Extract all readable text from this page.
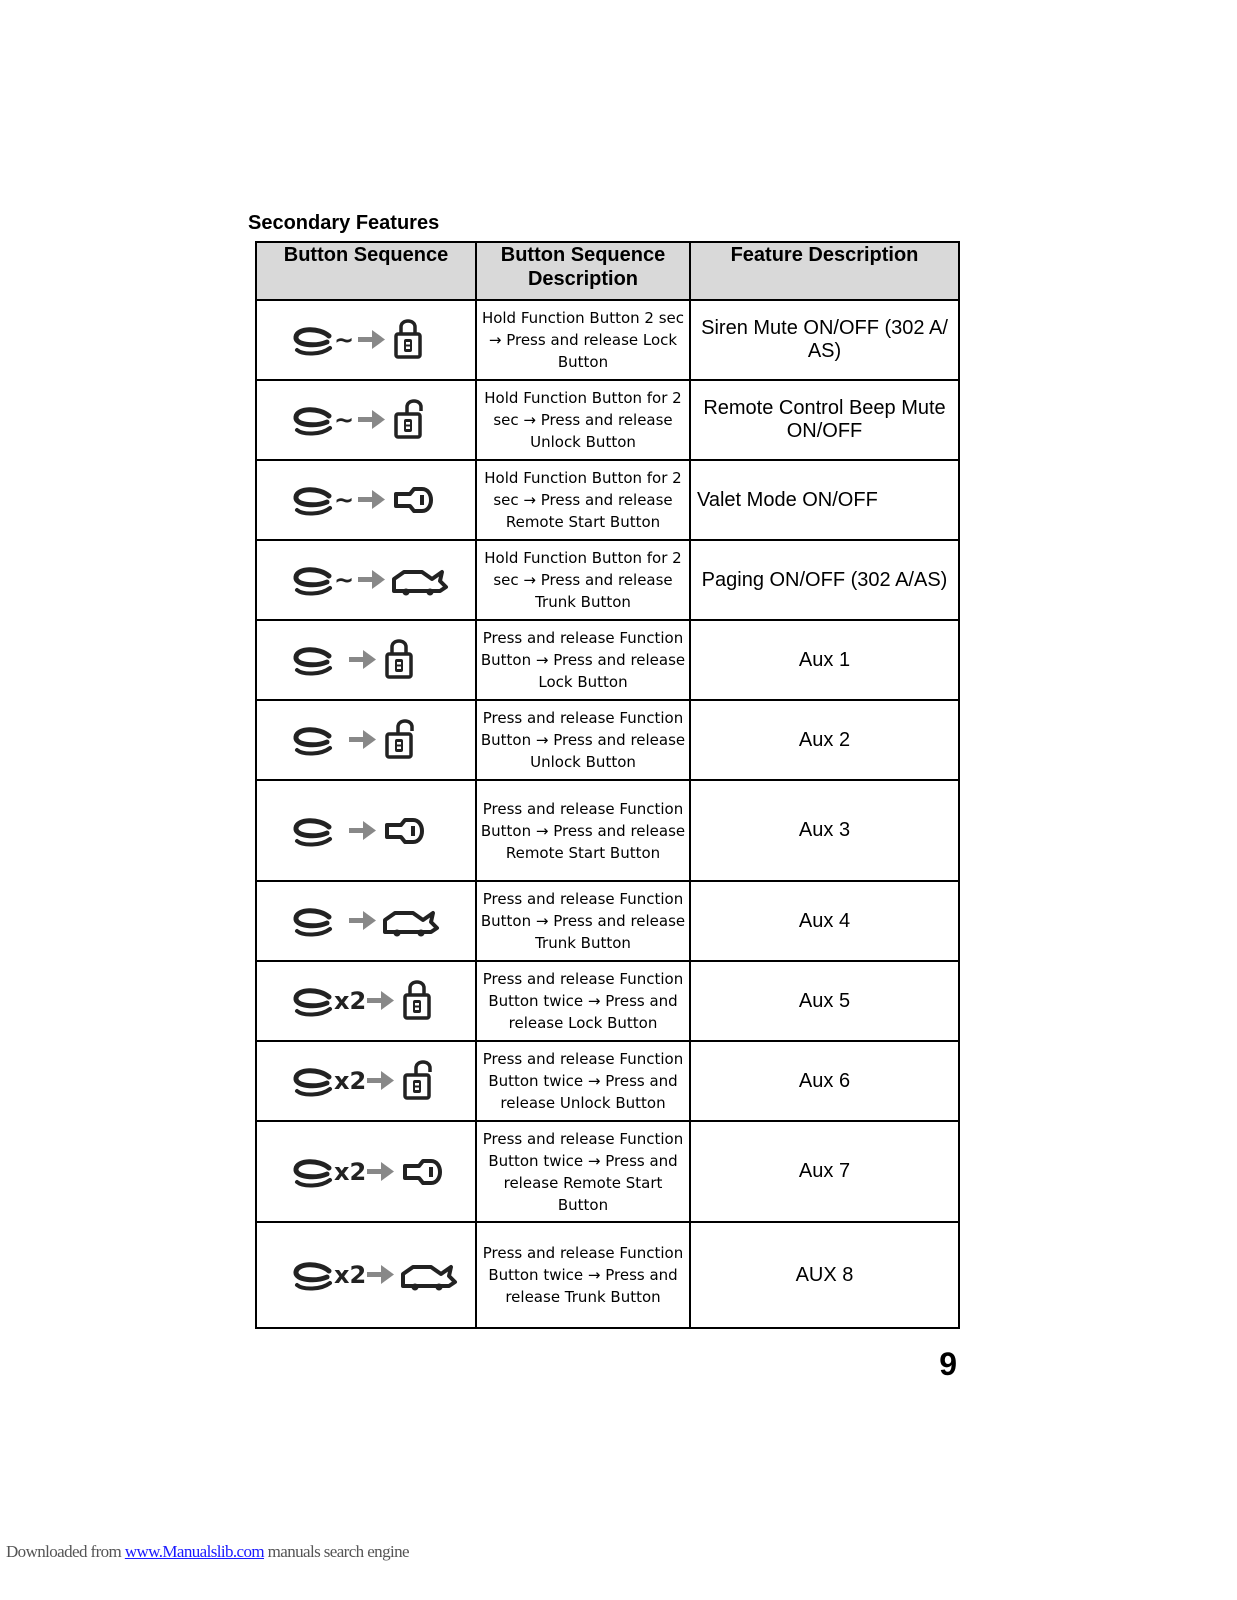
Secondary Features
Button Sequence	Button Sequence Description	Feature Description

~	Hold Function Button 2 sec → Press and release Lock Button	Siren Mute ON/OFF (302 A/ AS)

~	Hold Function Button for 2 sec → Press and release Unlock Button	Remote Control Beep Mute ON/OFF

~	Hold Function Button for 2 sec → Press and release Remote Start Button	Valet Mode ON/OFF

~	Hold Function Button for 2 sec → Press and release Trunk Button	Paging ON/OFF (302 A/AS)

	Press and release Function Button → Press and release Lock Button	Aux 1

	Press and release Function Button → Press and release Unlock Button	Aux 2

	Press and release Function Button → Press and release Remote Start Button	Aux 3

	Press and release Function Button → Press and release Trunk Button	Aux 4

x2	Press and release Function Button twice → Press and release Lock Button	Aux 5

x2	Press and release Function Button twice → Press and release Unlock Button	Aux 6

x2	Press and release Function Button twice → Press and release Remote Start Button	Aux 7

x2	Press and release Function Button twice → Press and release Trunk Button	AUX 8
9
Downloaded from www.Manualslib.com manuals search engine
